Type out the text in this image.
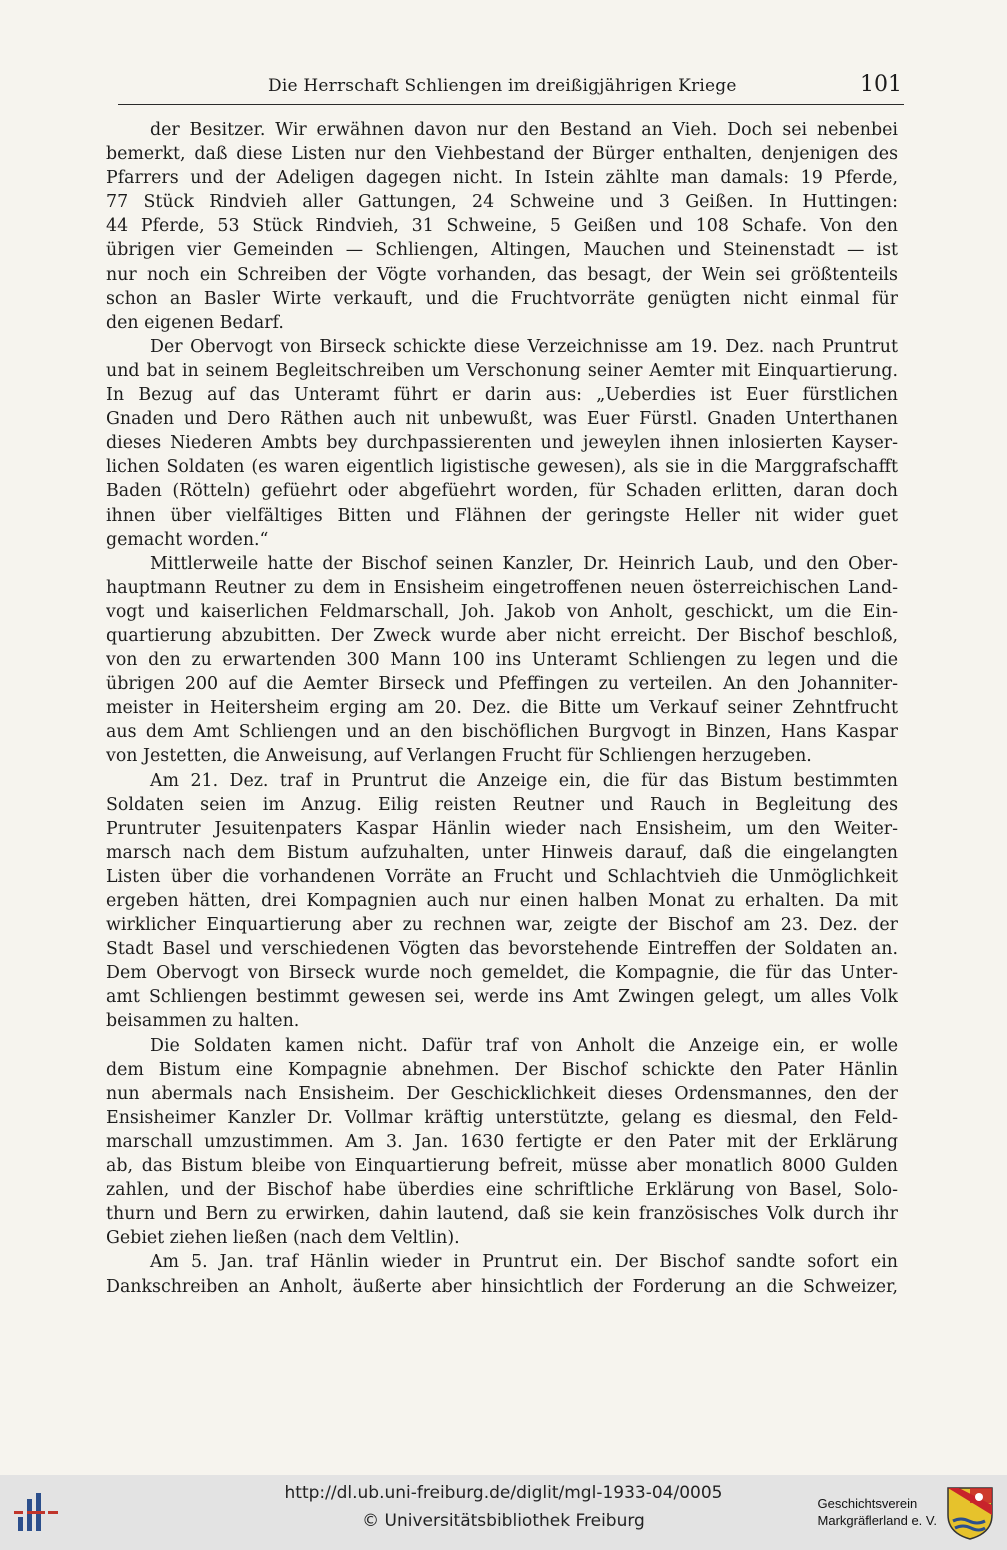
Die Herrschaft Schliengen im dreißigjährigen Kriege	101

der Besitzer. Wir erwähnen davon nur den Bestand an Vieh. Doch sei nebenbei
bemerkt, daß diese Listen nur den Viehbestand der Bürger enthalten, denjenigen des
Pfarrers und der Adeligen dagegen nicht. In Istein zählte man damals: 19 Pferde,
77 Stück Rindvieh aller Gattungen, 24 Schweine und 3 Geißen. In Huttingen:
44 Pferde, 53 Stück Rindvieh, 31 Schweine, 5 Geißen und 108 Schafe. Von den
übrigen vier Gemeinden — Schliengen, Altingen, Mauchen und Steinenstadt — ist
nur noch ein Schreiben der Vögte vorhanden, das besagt, der Wein sei größtenteils
schon an Basler Wirte verkauft, und die Fruchtvorräte genügten nicht einmal für
den eigenen Bedarf.

Der Obervogt von Birseck schickte diese Verzeichnisse am 19. Dez. nach Pruntrut
und bat in seinem Begleitschreiben um Verschonung seiner Aemter mit Einquartierung.
In Bezug auf das Unteramt führt er darin aus: „Ueberdies ist Euer fürstlichen
Gnaden und Dero Räthen auch nit unbewußt, was Euer Fürstl. Gnaden Unterthanen
dieses Niederen Ambts bey durchpassierenten und jeweylen ihnen inlosierten Kayser-
lichen Soldaten (es waren eigentlich ligistische gewesen), als sie in die Marggrafschafft
Baden (Rötteln) gefüehrt oder abgefüehrt worden, für Schaden erlitten, daran doch
ihnen über vielfältiges Bitten und Flähnen der geringste Heller nit wider guet
gemacht worden.“

Mittlerweile hatte der Bischof seinen Kanzler, Dr. Heinrich Laub, und den Ober-
hauptmann Reutner zu dem in Ensisheim eingetroffenen neuen österreichischen Land-
vogt und kaiserlichen Feldmarschall, Joh. Jakob von Anholt, geschickt, um die Ein-
quartierung abzubitten. Der Zweck wurde aber nicht erreicht. Der Bischof beschloß,
von den zu erwartenden 300 Mann 100 ins Unteramt Schliengen zu legen und die
übrigen 200 auf die Aemter Birseck und Pfeffingen zu verteilen. An den Johanniter-
meister in Heitersheim erging am 20. Dez. die Bitte um Verkauf seiner Zehntfrucht
aus dem Amt Schliengen und an den bischöflichen Burgvogt in Binzen, Hans Kaspar
von Jestetten, die Anweisung, auf Verlangen Frucht für Schliengen herzugeben.

Am 21. Dez. traf in Pruntrut die Anzeige ein, die für das Bistum bestimmten
Soldaten seien im Anzug. Eilig reisten Reutner und Rauch in Begleitung des
Pruntruter Jesuitenpaters Kaspar Hänlin wieder nach Ensisheim, um den Weiter-
marsch nach dem Bistum aufzuhalten, unter Hinweis darauf, daß die eingelangten
Listen über die vorhandenen Vorräte an Frucht und Schlachtvieh die Unmöglichkeit
ergeben hätten, drei Kompagnien auch nur einen halben Monat zu erhalten. Da mit
wirklicher Einquartierung aber zu rechnen war, zeigte der Bischof am 23. Dez. der
Stadt Basel und verschiedenen Vögten das bevorstehende Eintreffen der Soldaten an.
Dem Obervogt von Birseck wurde noch gemeldet, die Kompagnie, die für das Unter-
amt Schliengen bestimmt gewesen sei, werde ins Amt Zwingen gelegt, um alles Volk
beisammen zu halten.

Die Soldaten kamen nicht. Dafür traf von Anholt die Anzeige ein, er wolle
dem Bistum eine Kompagnie abnehmen. Der Bischof schickte den Pater Hänlin
nun abermals nach Ensisheim. Der Geschicklichkeit dieses Ordensmannes, den der
Ensisheimer Kanzler Dr. Vollmar kräftig unterstützte, gelang es diesmal, den Feld-
marschall umzustimmen. Am 3. Jan. 1630 fertigte er den Pater mit der Erklärung
ab, das Bistum bleibe von Einquartierung befreit, müsse aber monatlich 8000 Gulden
zahlen, und der Bischof habe überdies eine schriftliche Erklärung von Basel, Solo-
thurn und Bern zu erwirken, dahin lautend, daß sie kein französisches Volk durch ihr
Gebiet ziehen ließen (nach dem Veltlin).

Am 5. Jan. traf Hänlin wieder in Pruntrut ein. Der Bischof sandte sofort ein
Dankschreiben an Anholt, äußerte aber hinsichtlich der Forderung an die Schweizer,

http://dl.ub.uni-freiburg.de/diglit/mgl-1933-04/0005
© Universitätsbibliothek Freiburg
Geschichtsverein
Markgräflerland e. V.
